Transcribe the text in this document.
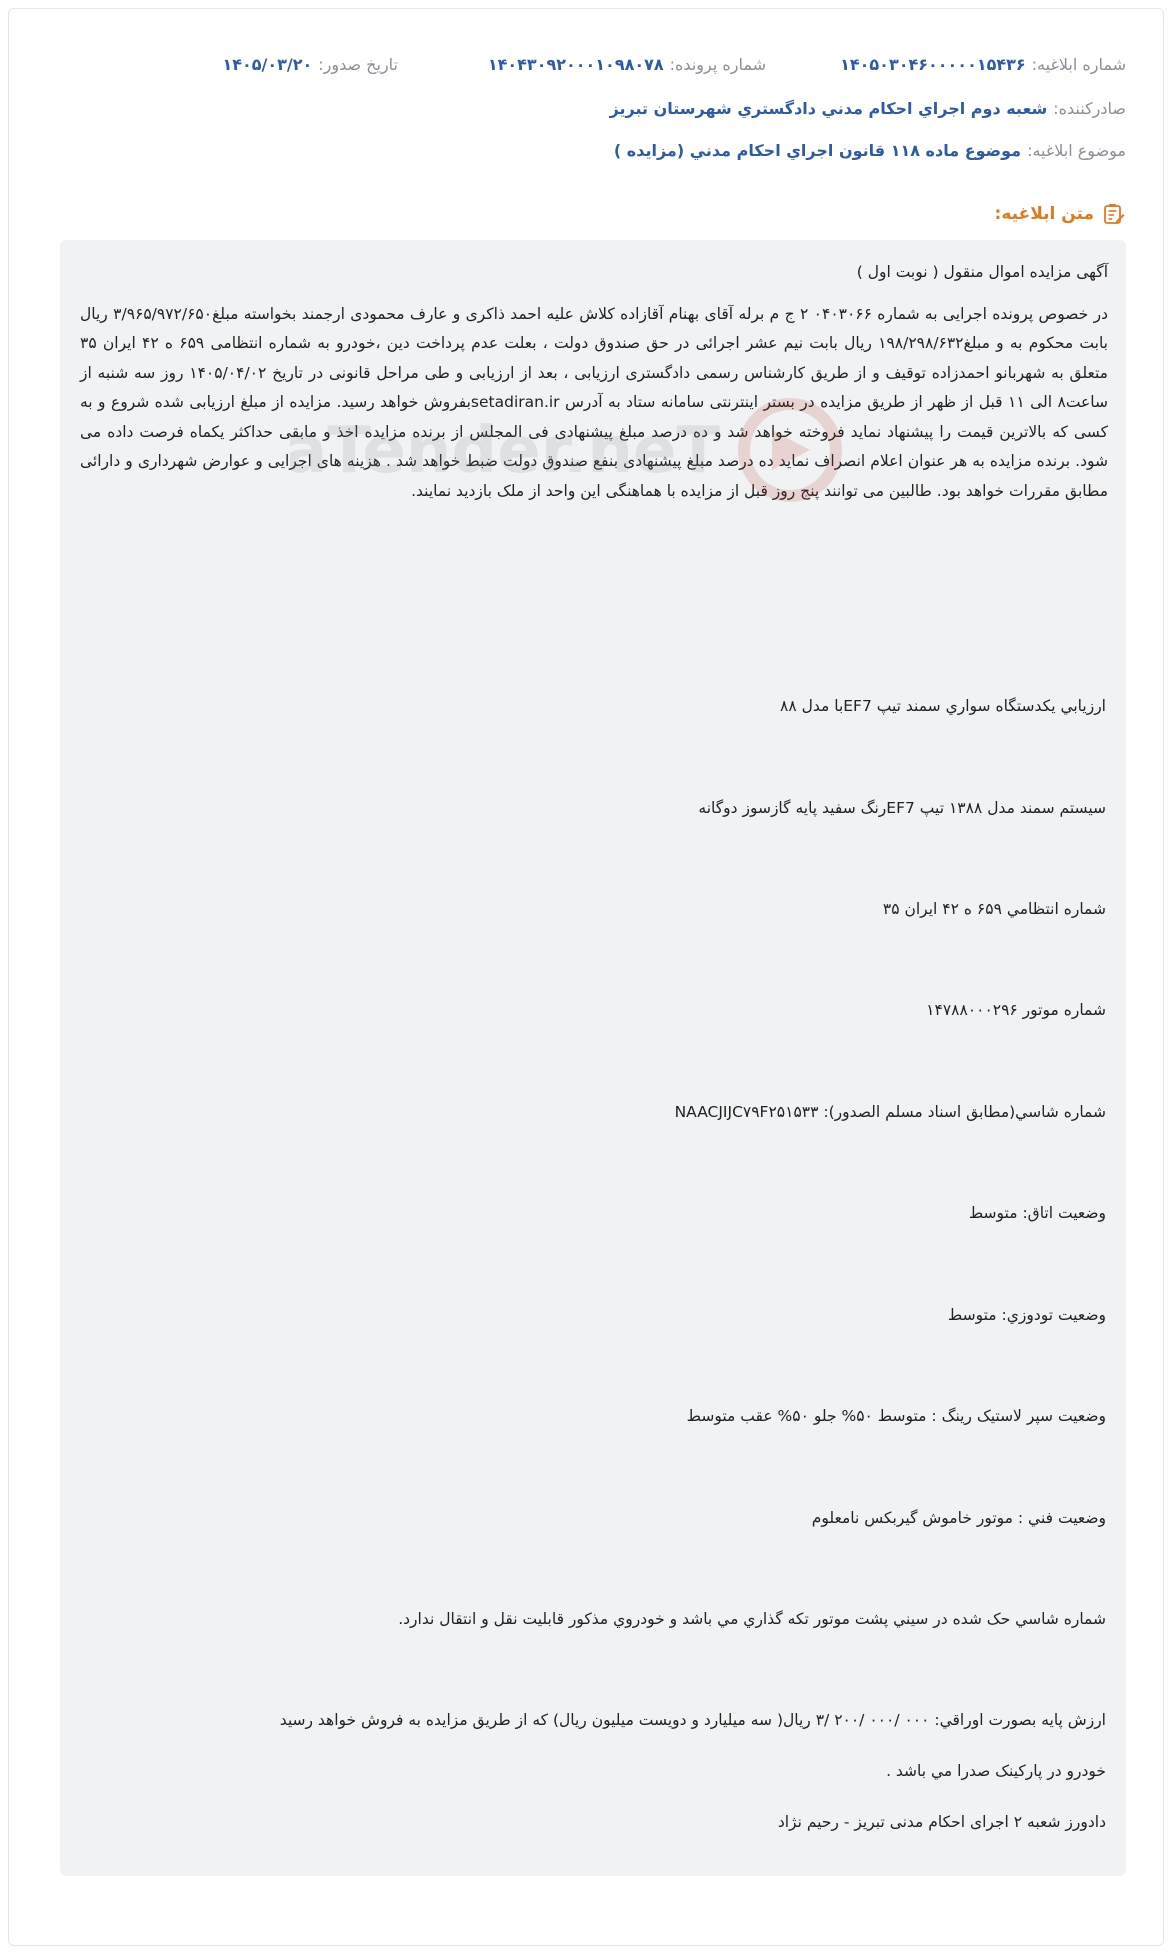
شماره ابلاغیه:۱۴۰۵۰۳۰۴۶۰۰۰۰۰۱۵۴۳۶
شماره پرونده:۱۴۰۴۳۰۹۲۰۰۰۱۰۹۸۰۷۸
تاریخ صدور:۱۴۰۵/۰۳/۲۰
صادرکننده:شعبه دوم اجراي احکام مدني دادگستري شهرستان تبريز
موضوع ابلاغیه:موضوع ماده ۱۱۸ قانون اجراي احکام مدني (مزايده )
متن ابلاغیه:
aTender.neT

آگهی مزایده اموال منقول ( نوبت اول )

در خصوص پرونده اجرایی به شماره ۰۴۰۳۰۶۶ ۲ ج م برله آقای بهنام آقازاده کلاش علیه احمد ذاکری و عارف محمودی ارجمند بخواسته مبلغ۳/۹۶۵/۹۷۲/۶۵۰ ریال بابت محکوم به و مبلغ۱۹۸/۲۹۸/۶۳۲ ریال بابت نیم عشر اجرائی در حق صندوق دولت ، بعلت عدم پرداخت دین ،خودرو به شماره انتظامی ۶۵۹ ه ۴۲ ایران ۳۵ متعلق به شهربانو احمدزاده توقیف و از طریق کارشناس رسمی دادگستری ارزیابی ، بعد از ارزیابی و طی مراحل قانونی در تاریخ ۱۴۰۵/۰۴/۰۲ روز سه شنبه از ساعت۸ الی ۱۱ قبل از ظهر از طریق مزایده در بستر اینترنتی سامانه ستاد به آدرس setadiran.irبفروش خواهد رسید. مزایده از مبلغ ارزیابی شده شروع و به کسی که بالاترین قیمت را پیشنهاد نماید فروخته خواهد شد و ده درصد مبلغ پیشنهادی فی المجلس از برنده مزایده اخذ و مابقی حداکثر یکماه فرصت داده می شود. برنده مزایده به هر عنوان اعلام انصراف نماید ده درصد مبلغ پیشنهادی بنفع صندوق دولت ضبط خواهد شد . هزینه های اجرایی و عوارض شهرداری و دارائی مطابق مقررات خواهد بود. طالبین می توانند پنج روز قبل از مزایده با هماهنگی این واحد از ملک بازدید نمایند.

ارزيابي يکدستگاه سواري سمند تيپ EF7با مدل ۸۸

سيستم سمند مدل ۱۳۸۸ تيپ EF7رنگ سفيد پايه گازسوز دوگانه

شماره انتظامي ۶۵۹ ه ۴۲ ايران ۳۵

شماره موتور ۱۴۷۸۸۰۰۰۲۹۶

شماره شاسي(مطابق اسناد مسلم الصدور): NAACJIJC۷۹F۲۵۱۵۳۳

وضعيت اتاق: متوسط

وضعيت تودوزي: متوسط

وضعيت سپر لاستيک رينگ : متوسط ۵۰% جلو ۵۰% عقب متوسط

وضعيت فني : موتور خاموش گيربکس نامعلوم

شماره شاسي حک شده در سيني پشت موتور تکه گذاري مي باشد و خودروي مذکور قابليت نقل و انتقال ندارد.

ارزش پايه بصورت اوراقي: ۰۰۰ /۰۰۰ /۲۰۰ /۳ ريال( سه ميليارد و دويست ميليون ريال) که از طريق مزايده به فروش خواهد رسيد

خودرو در پارکينک صدرا مي باشد .

دادورز شعبه ۲ اجرای احکام مدنی تبریز - رحیم نژاد
